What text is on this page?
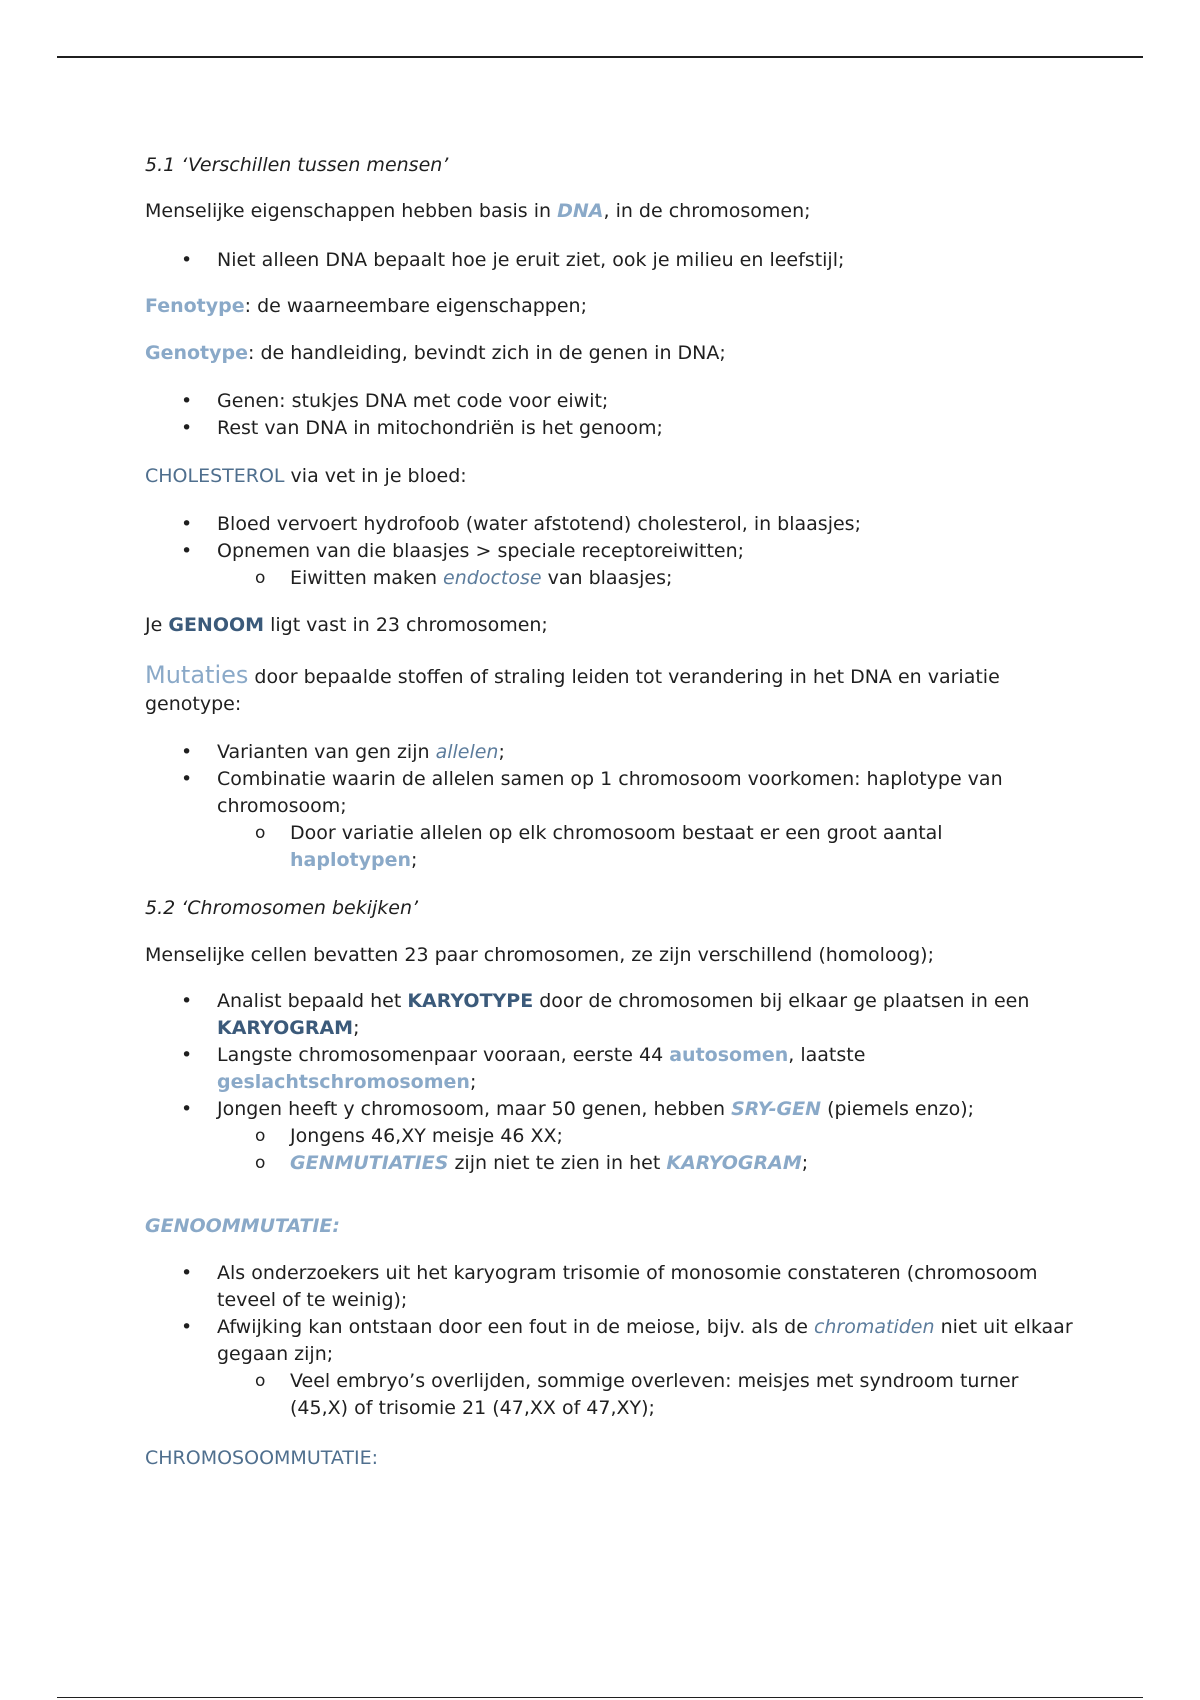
5.1 ‘Verschillen tussen mensen’

Menselijke eigenschappen hebben basis in DNA, in de chromosomen;

• Niet alleen DNA bepaalt hoe je eruit ziet, ook je milieu en leefstijl;

Fenotype: de waarneembare eigenschappen;

Genotype: de handleiding, bevindt zich in de genen in DNA;

• Genen: stukjes DNA met code voor eiwit;
• Rest van DNA in mitochondriën is het genoom;

CHOLESTEROL via vet in je bloed:

• Bloed vervoert hydrofoob (water afstotend) cholesterol, in blaasjes;
• Opnemen van die blaasjes > speciale receptoreiwitten;
o Eiwitten maken endoctose van blaasjes;

Je GENOOM ligt vast in 23 chromosomen;

Mutaties door bepaalde stoffen of straling leiden tot verandering in het DNA en variatie genotype:

• Varianten van gen zijn allelen;
• Combinatie waarin de allelen samen op 1 chromosoom voorkomen: haplotype van chromosoom;
o Door variatie allelen op elk chromosoom bestaat er een groot aantal haplotypen;

5.2 ‘Chromosomen bekijken’

Menselijke cellen bevatten 23 paar chromosomen, ze zijn verschillend (homoloog);

• Analist bepaald het KARYOTYPE door de chromosomen bij elkaar ge plaatsen in een KARYOGRAM;
• Langste chromosomenpaar vooraan, eerste 44 autosomen, laatste geslachtschromosomen;
• Jongen heeft y chromosoom, maar 50 genen, hebben SRY-GEN (piemels enzo);
o Jongens 46,XY meisje 46 XX;
o GENMUTIATIES zijn niet te zien in het KARYOGRAM;

GENOOMMUTATIE:

• Als onderzoekers uit het karyogram trisomie of monosomie constateren (chromosoom teveel of te weinig);
• Afwijking kan ontstaan door een fout in de meiose, bijv. als de chromatiden niet uit elkaar gegaan zijn;
o Veel embryo’s overlijden, sommige overleven: meisjes met syndroom turner (45,X) of trisomie 21 (47,XX of 47,XY);

CHROMOSOOMMUTATIE:
